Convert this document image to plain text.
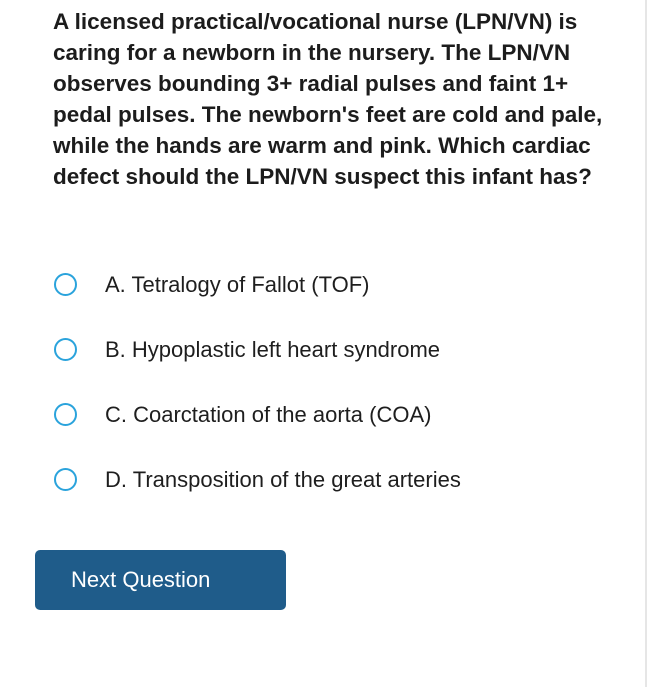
A licensed practical/vocational nurse (LPN/VN) is caring for a newborn in the nursery. The LPN/VN observes bounding 3+ radial pulses and faint 1+ pedal pulses. The newborn's feet are cold and pale, while the hands are warm and pink. Which cardiac defect should the LPN/VN suspect this infant has?
A. Tetralogy of Fallot (TOF)
B. Hypoplastic left heart syndrome
C. Coarctation of the aorta (COA)
D. Transposition of the great arteries
Next Question
